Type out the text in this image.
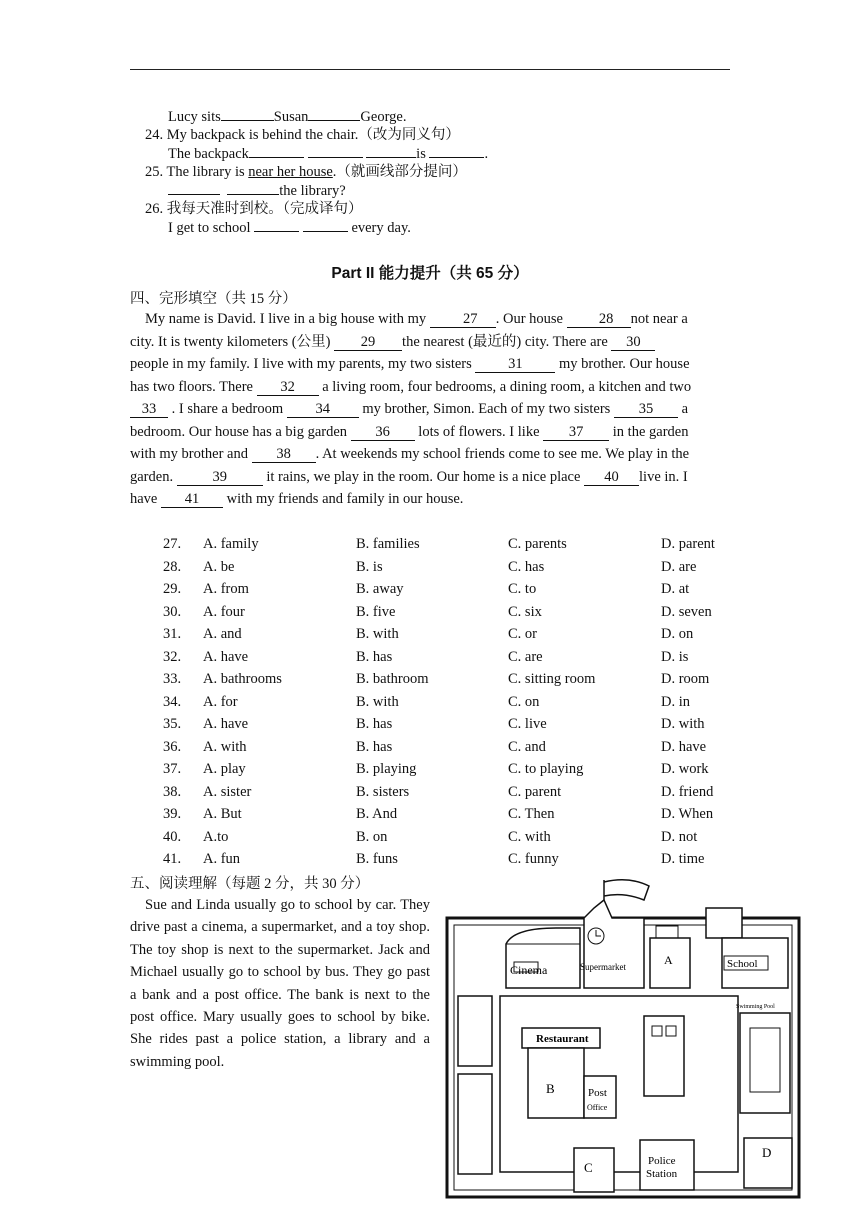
Lucy sits	Susan	George.
24. My backpack is behind the chair.（改为同义句）
The backpack	is	.
25. The library is near her house.（就画线部分提问）
the library?
26. 我每天准时到校。（完成译句）
I get to school	every day.
Part II 能力提升（共 65 分）
四、完形填空（共 15 分）
My name is David. I live in a big house with my 27 . Our house 28 not near a
city. It is twenty kilometers (公里) 29 the nearest (最近的) city. There are 30
people in my family. I live with my parents, my two sisters 31 my brother. Our house
has two floors. There 32 a living room, four bedrooms, a dining room, a kitchen and two
33 . I share a bedroom 34 my brother, Simon. Each of my two sisters 35 a
bedroom. Our house has a big garden 36 lots of flowers. I like 37 in the garden
with my brother and 38 . At weekends my school friends come to see me. We play in the
garden. 39 it rains, we play in the room. Our home is a nice place 40 live in. I
have 41 with my friends and family in our house.
27. A. family	B. families	C. parents	D. parent
28. A. be	B. is	C. has	D. are
29. A. from	B. away	C. to	D. at
30. A. four	B. five	C. six	D. seven
31. A. and	B. with	C. or	D. on
32. A. have	B. has	C. are	D. is
33. A. bathrooms	B. bathroom	C. sitting room	D. room
34. A. for	B. with	C. on	D. in
35. A. have	B. has	C. live	D. with
36. A. with	B. has	C. and	D. have
37. A. play	B. playing	C. to playing	D. work
38. A. sister	B. sisters	C. parent	D. friend
39. A. But	B. And	C. Then	D. When
40. A.to	B. on	C. with	D. not
41. A. fun	B. funs	C. funny	D. time
五、阅读理解（每题 2 分，共 30 分）
Sue and Linda usually go to school by car. They drive past a cinema, a supermarket, and a toy shop. The toy shop is next to the supermarket. Jack and Michael usually go to school by bus. They go past a bank and a post office. The bank is next to the post office. Mary usually goes to school by bike. She rides past a police station, a library and a swimming pool.
Cinema	Supermarket	A	School
Restaurant
B	Post
Office
Swimming Pool
C	Police
Station
D
